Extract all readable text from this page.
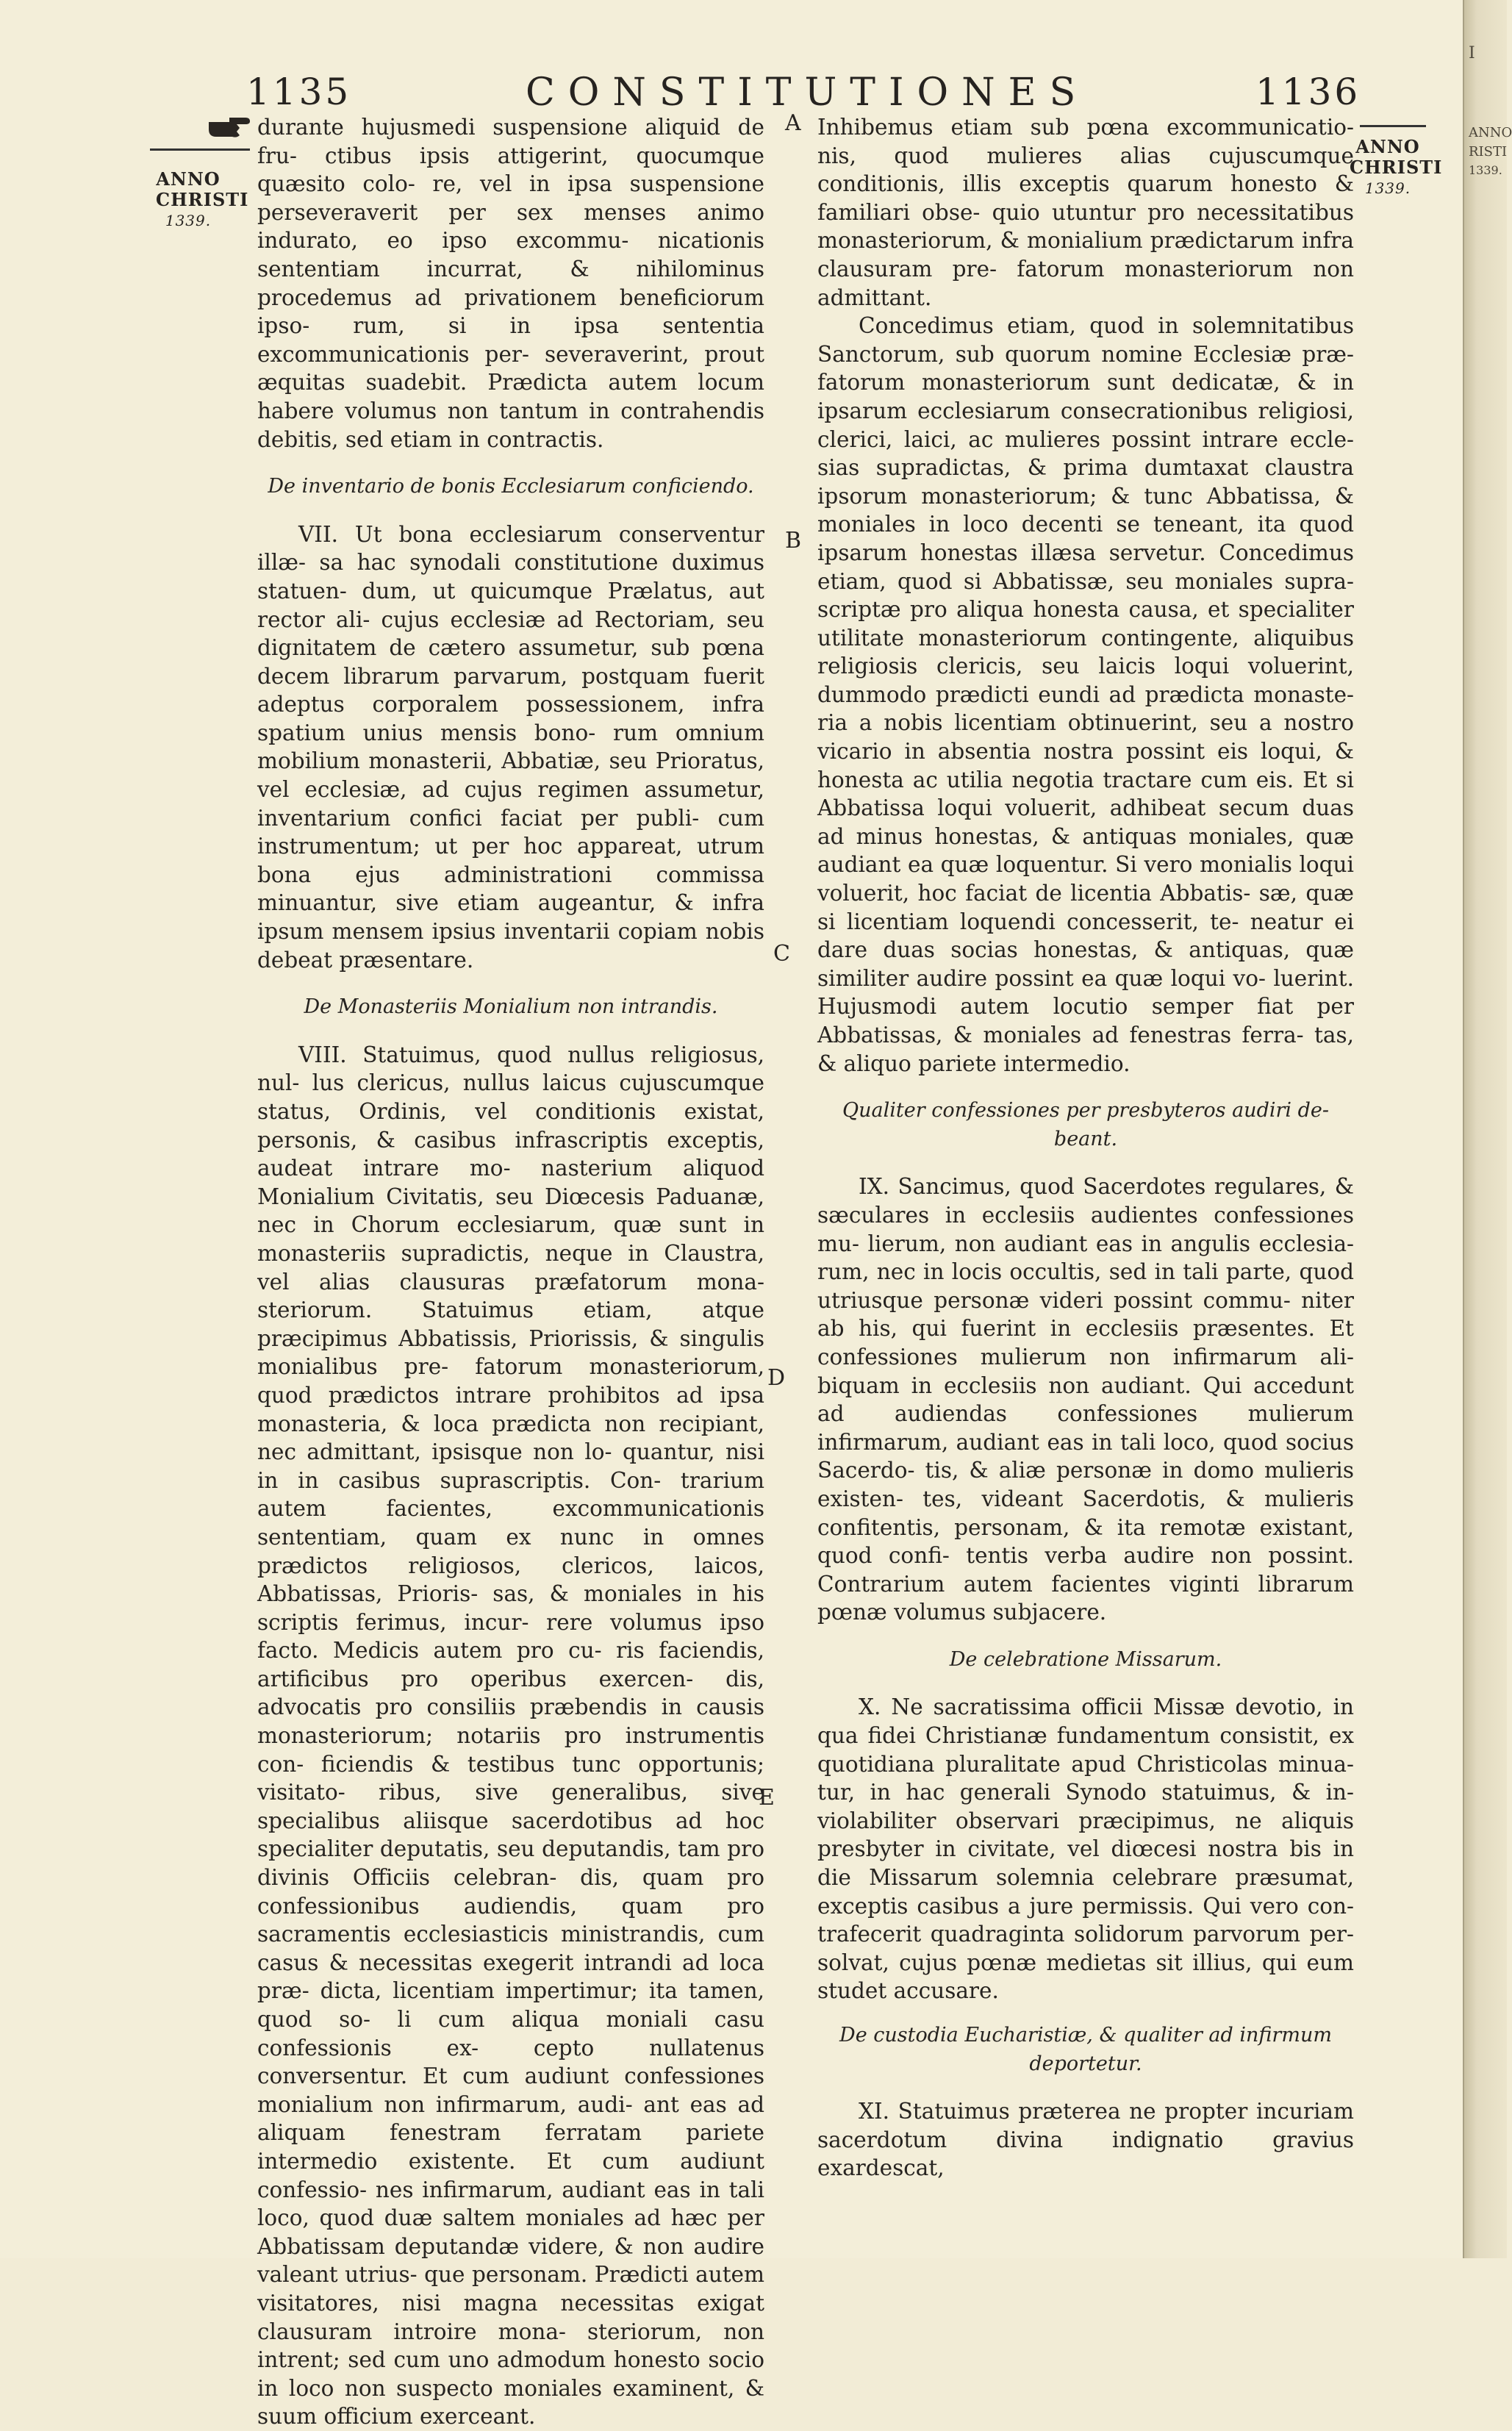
1135	CONSTITUTIONES	1136
ANNO
CHRISTI
1339.
ANNO
CHRISTI
1339.
A
B
C
D
E

durante hujusmedi suspensione aliquid de fru- ctibus ipsis attigerint, quocumque quæsito colo- re, vel in ipsa suspensione perseveraverit per sex menses animo indurato, eo ipso excommu- nicationis sententiam incurrat, & nihilominus procedemus ad privationem beneficiorum ipso- rum, si in ipsa sententia excommunicationis per- severaverint, prout æquitas suadebit. Prædicta autem locum habere volumus non tantum in contrahendis debitis, sed etiam in contractis.

De inventario de bonis Ecclesiarum conficiendo.

VII. Ut bona ecclesiarum conserventur illæ- sa hac synodali constitutione duximus statuen- dum, ut quicumque Prælatus, aut rector ali- cujus ecclesiæ ad Rectoriam, seu dignitatem de cætero assumetur, sub pœna decem librarum parvarum, postquam fuerit adeptus corporalem possessionem, infra spatium unius mensis bono- rum omnium mobilium monasterii, Abbatiæ, seu Prioratus, vel ecclesiæ, ad cujus regimen assumetur, inventarium confici faciat per publi- cum instrumentum; ut per hoc appareat, utrum bona ejus administrationi commissa minuantur, sive etiam augeantur, & infra ipsum mensem ipsius inventarii copiam nobis debeat præsentare.

De Monasteriis Monialium non intrandis.

VIII. Statuimus, quod nullus religiosus, nul- lus clericus, nullus laicus cujuscumque status, Ordinis, vel conditionis existat, personis, & casibus infrascriptis exceptis, audeat intrare mo- nasterium aliquod Monialium Civitatis, seu Diœcesis Paduanæ, nec in Chorum ecclesiarum, quæ sunt in monasteriis supradictis, neque in Claustra, vel alias clausuras præfatorum mona- steriorum. Statuimus etiam, atque præcipimus Abbatissis, Priorissis, & singulis monialibus pre- fatorum monasteriorum, quod prædictos intrare prohibitos ad ipsa monasteria, & loca prædicta non recipiant, nec admittant, ipsisque non lo- quantur, nisi in in casibus suprascriptis. Con- trarium autem facientes, excommunicationis sententiam, quam ex nunc in omnes prædictos religiosos, clericos, laicos, Abbatissas, Prioris- sas, & moniales in his scriptis ferimus, incur- rere volumus ipso facto. Medicis autem pro cu- ris faciendis, artificibus pro operibus exercen- dis, advocatis pro consiliis præbendis in causis monasteriorum; notariis pro instrumentis con- ficiendis & testibus tunc opportunis; visitato- ribus, sive generalibus, sive specialibus aliisque sacerdotibus ad hoc specialiter deputatis, seu deputandis, tam pro divinis Officiis celebran- dis, quam pro confessionibus audiendis, quam pro sacramentis ecclesiasticis ministrandis, cum casus & necessitas exegerit intrandi ad loca præ- dicta, licentiam impertimur; ita tamen, quod so- li cum aliqua moniali casu confessionis ex- cepto nullatenus conversentur. Et cum audiunt confessiones monialium non infirmarum, audi- ant eas ad aliquam fenestram ferratam pariete intermedio existente. Et cum audiunt confessio- nes infirmarum, audiant eas in tali loco, quod duæ saltem moniales ad hæc per Abbatissam deputandæ videre, & non audire valeant utrius- que personam. Prædicti autem visitatores, nisi magna necessitas exigat clausuram introire mona- steriorum, non intrent; sed cum uno admodum honesto socio in loco non suspecto moniales examinent, & suum officium exerceant.

Inhibemus etiam sub pœna excommunicatio- nis, quod mulieres alias cujuscumque conditionis, illis exceptis quarum honesto & familiari obse- quio utuntur pro necessitatibus monasteriorum, & monialium prædictarum infra clausuram pre- fatorum monasteriorum non admittant.

Concedimus etiam, quod in solemnitatibus Sanctorum, sub quorum nomine Ecclesiæ præ- fatorum monasteriorum sunt dedicatæ, & in ipsarum ecclesiarum consecrationibus religiosi, clerici, laici, ac mulieres possint intrare eccle- sias supradictas, & prima dumtaxat claustra ipsorum monasteriorum; & tunc Abbatissa, & moniales in loco decenti se teneant, ita quod ipsarum honestas illæsa servetur. Concedimus etiam, quod si Abbatissæ, seu moniales supra- scriptæ pro aliqua honesta causa, et specialiter utilitate monasteriorum contingente, aliquibus religiosis clericis, seu laicis loqui voluerint, dummodo prædicti eundi ad prædicta monaste- ria a nobis licentiam obtinuerint, seu a nostro vicario in absentia nostra possint eis loqui, & honesta ac utilia negotia tractare cum eis. Et si Abbatissa loqui voluerit, adhibeat secum duas ad minus honestas, & antiquas moniales, quæ audiant ea quæ loquentur. Si vero monialis loqui voluerit, hoc faciat de licentia Abbatis- sæ, quæ si licentiam loquendi concesserit, te- neatur ei dare duas socias honestas, & antiquas, quæ similiter audire possint ea quæ loqui vo- luerint. Hujusmodi autem locutio semper fiat per Abbatissas, & moniales ad fenestras ferra- tas, & aliquo pariete intermedio.

Qualiter confessiones per presbyteros audiri de- beant.

IX. Sancimus, quod Sacerdotes regulares, & sæculares in ecclesiis audientes confessiones mu- lierum, non audiant eas in angulis ecclesia- rum, nec in locis occultis, sed in tali parte, quod utriusque personæ videri possint commu- niter ab his, qui fuerint in ecclesiis præsentes. Et confessiones mulierum non infirmarum ali- biquam in ecclesiis non audiant. Qui accedunt ad audiendas confessiones mulierum infirmarum, audiant eas in tali loco, quod socius Sacerdo- tis, & aliæ personæ in domo mulieris existen- tes, videant Sacerdotis, & mulieris confitentis, personam, & ita remotæ existant, quod confi- tentis verba audire non possint. Contrarium autem facientes viginti librarum pœnæ volumus subjacere.

De celebratione Missarum.

X. Ne sacratissima officii Missæ devotio, in qua fidei Christianæ fundamentum consistit, ex quotidiana pluralitate apud Christicolas minua- tur, in hac generali Synodo statuimus, & in- violabiliter observari præcipimus, ne aliquis presbyter in civitate, vel diœcesi nostra bis in die Missarum solemnia celebrare præsumat, exceptis casibus a jure permissis. Qui vero con- trafecerit quadraginta solidorum parvorum per- solvat, cujus pœnæ medietas sit illius, qui eum studet accusare.

De custodia Eucharistiæ, & qualiter ad infirmum deportetur.

XI. Statuimus præterea ne propter incuriam sacerdotum divina indignatio gravius exardescat,

I
ANNO
RISTI
1339.
